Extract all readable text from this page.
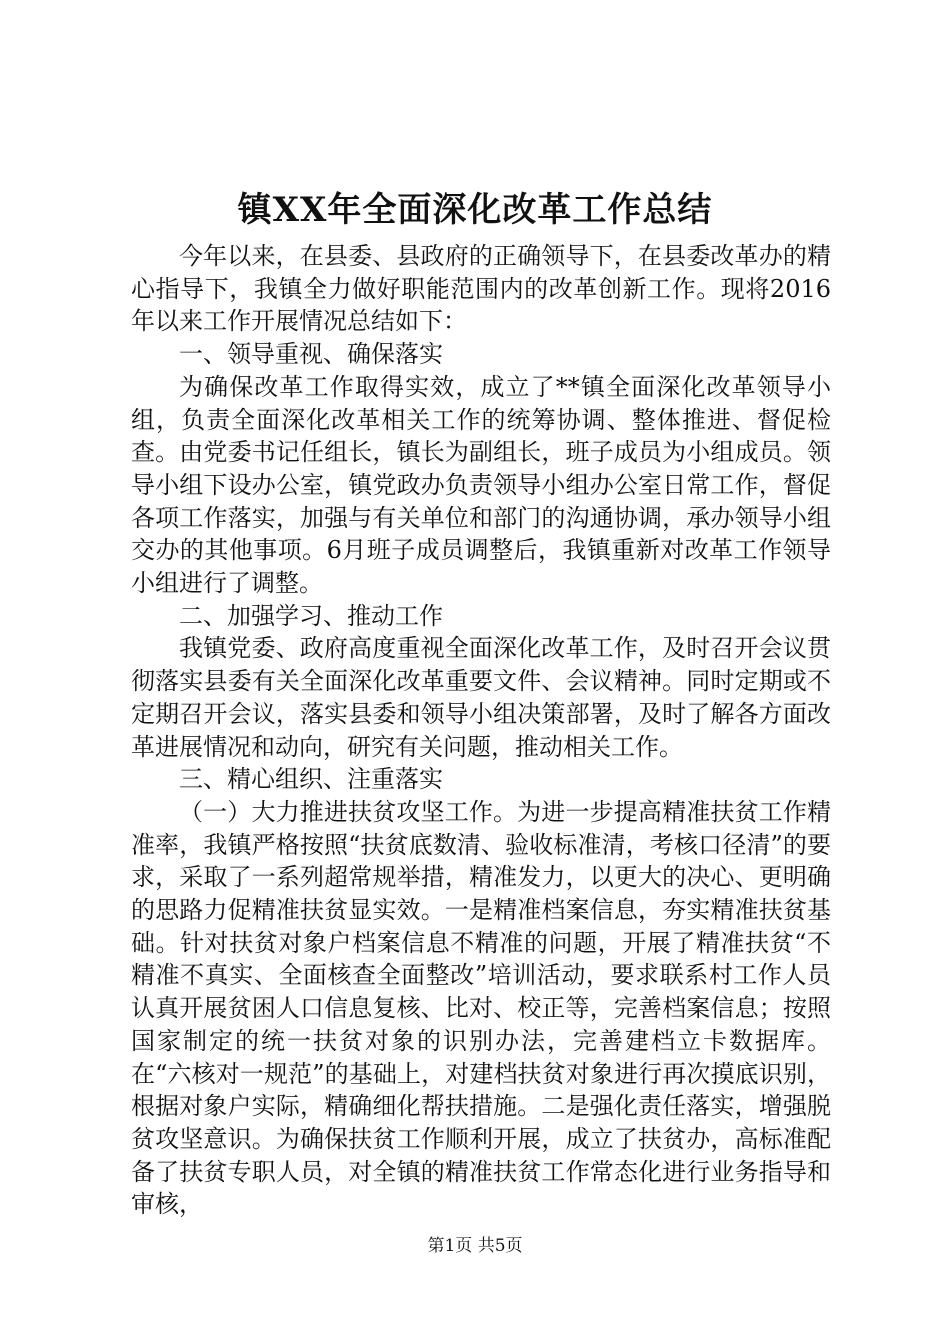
镇XX年全面深化改革工作总结

今年以来，在县委、县政府的正确领导下，在县委改革办的精心指导下，我镇全力做好职能范围内的改革创新工作。现将2016年以来工作开展情况总结如下：

一、领导重视、确保落实

为确保改革工作取得实效，成立了**镇全面深化改革领导小组，负责全面深化改革相关工作的统筹协调、整体推进、督促检查。由党委书记任组长，镇长为副组长，班子成员为小组成员。领导小组下设办公室，镇党政办负责领导小组办公室日常工作，督促各项工作落实，加强与有关单位和部门的沟通协调，承办领导小组交办的其他事项。6月班子成员调整后，我镇重新对改革工作领导小组进行了调整。

二、加强学习、推动工作

我镇党委、政府高度重视全面深化改革工作，及时召开会议贯彻落实县委有关全面深化改革重要文件、会议精神。同时定期或不定期召开会议，落实县委和领导小组决策部署，及时了解各方面改革进展情况和动向，研究有关问题，推动相关工作。

三、精心组织、注重落实

（一）大力推进扶贫攻坚工作。为进一步提高精准扶贫工作精准率，我镇严格按照“扶贫底数清、验收标准清，考核口径清”的要求，采取了一系列超常规举措，精准发力，以更大的决心、更明确的思路力促精准扶贫显实效。一是精准档案信息，夯实精准扶贫基础。针对扶贫对象户档案信息不精准的问题，开展了精准扶贫“不精准不真实、全面核查全面整改”培训活动，要求联系村工作人员认真开展贫困人口信息复核、比对、校正等，完善档案信息；按照国家制定的统一扶贫对象的识别办法，完善建档立卡数据库。在“六核对一规范”的基础上，对建档扶贫对象进行再次摸底识别，根据对象户实际，精确细化帮扶措施。二是强化责任落实，增强脱贫攻坚意识。为确保扶贫工作顺利开展，成立了扶贫办，高标准配备了扶贫专职人员，对全镇的精准扶贫工作常态化进行业务指导和审核，

第1页 共5页
